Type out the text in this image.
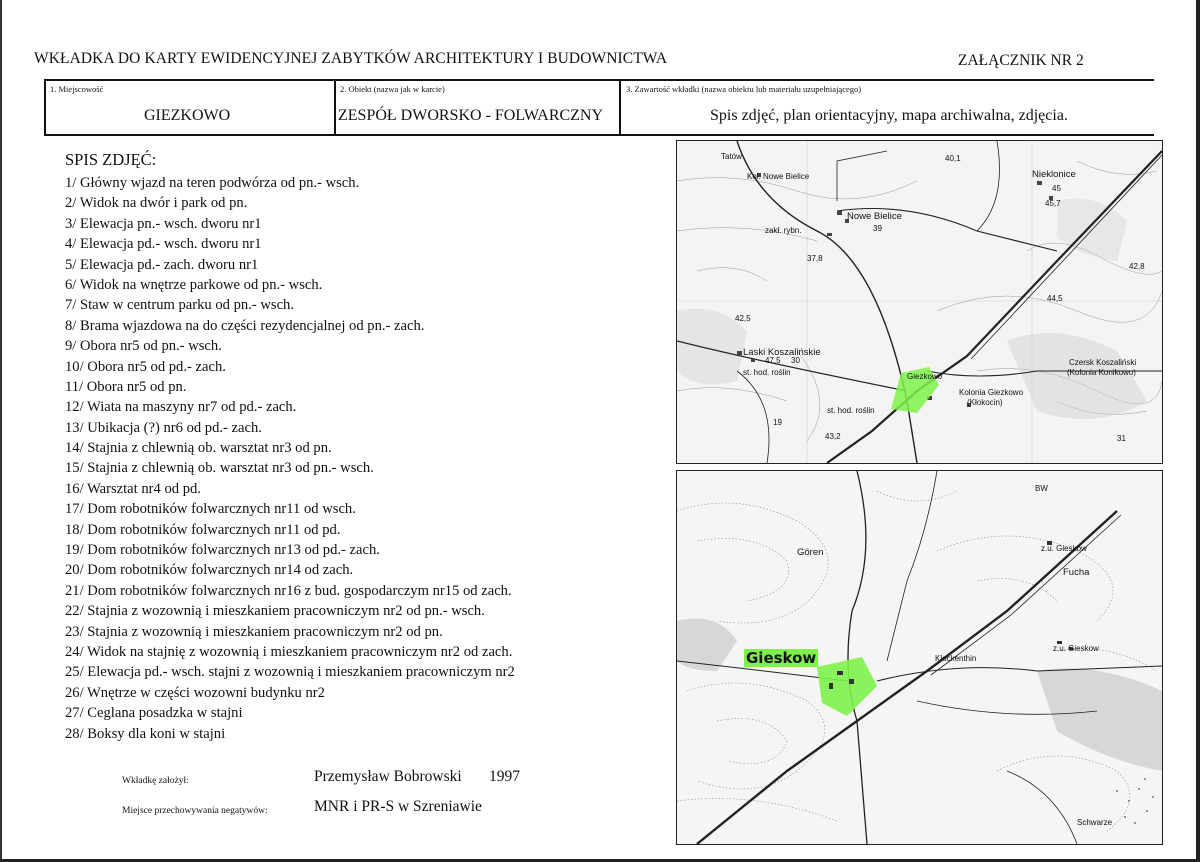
WKŁADKA DO KARTY EWIDENCYJNEJ ZABYTKÓW ARCHITEKTURY I BUDOWNICTWA	ZAŁĄCZNIK NR 2
1. Miejscowość
GIEZKOWO
2. Obiekt (nazwa jak w karcie)
ZESPÓŁ DWORSKO - FOLWARCZNY
3. Zawartość wkładki (nazwa obiektu lub materiału uzupełniającego)
Spis zdjęć, plan orientacyjny, mapa archiwalna, zdjęcia.
SPIS ZDJĘĆ:
1/ Główny wjazd na teren podwórza od pn.- wsch.
2/ Widok na dwór i park od pn.
3/ Elewacja pn.- wsch. dworu nr1
4/ Elewacja pd.- wsch. dworu nr1
5/ Elewacja pd.- zach. dworu nr1
6/ Widok na wnętrze parkowe od pn.- wsch.
7/ Staw w centrum parku od pn.- wsch.
8/ Brama wjazdowa na do części rezydencjalnej od pn.- zach.
9/ Obora nr5 od pn.- wsch.
10/ Obora nr5 od pd.- zach.
11/ Obora nr5 od pn.
12/ Wiata na maszyny nr7 od pd.- zach.
13/ Ubikacja (?) nr6 od pd.- zach.
14/ Stajnia z chlewnią ob. warsztat nr3 od pn.
15/ Stajnia z chlewnią ob. warsztat nr3 od pn.- wsch.
16/ Warsztat nr4 od pd.
17/ Dom robotników folwarcznych nr11 od wsch.
18/ Dom robotników folwarcznych nr11 od pd.
19/ Dom robotników folwarcznych nr13 od pd.- zach.
20/ Dom robotników folwarcznych nr14 od zach.
21/ Dom robotników folwarcznych nr16 z bud. gospodarczym nr15 od zach.
22/ Stajnia z wozownią i mieszkaniem pracowniczym nr2 od pn.- wsch.
23/ Stajnia z wozownią i mieszkaniem pracowniczym nr2 od pn.
24/ Widok na stajnię z wozownią i mieszkaniem pracowniczym nr2 od zach.
25/ Elewacja pd.- wsch. stajni z wozownią i mieszkaniem pracowniczym nr2
26/ Wnętrze w części wozowni budynku nr2
27/ Ceglana posadzka w stajni
28/ Boksy dla koni w stajni
Wkładkę założył:	Przemysław Bobrowski 1997
Miejsce przechowywania negatywów:	MNR i PR-S w Szreniawie
Tatów
Kol. Nowe Bielice
Nowe Bielice
Nieklonice
zakł. rybn.
Laski Koszalińskie
st. hod. roślin
st. hod. roślin
Giezkowo
Kolonia Giezkowo
(Kłokocin)
Czersk Koszaliński
(Kolonia Konikowo)
40,1
45
45,7
39
37,8
42,8
44,5
42,5
47,5 30
19
43,2	31
Gören
Fucha
Klockenthin
z.u. Gieskow
z.u. Gieskow
Schwarze
BW
Gieskow
